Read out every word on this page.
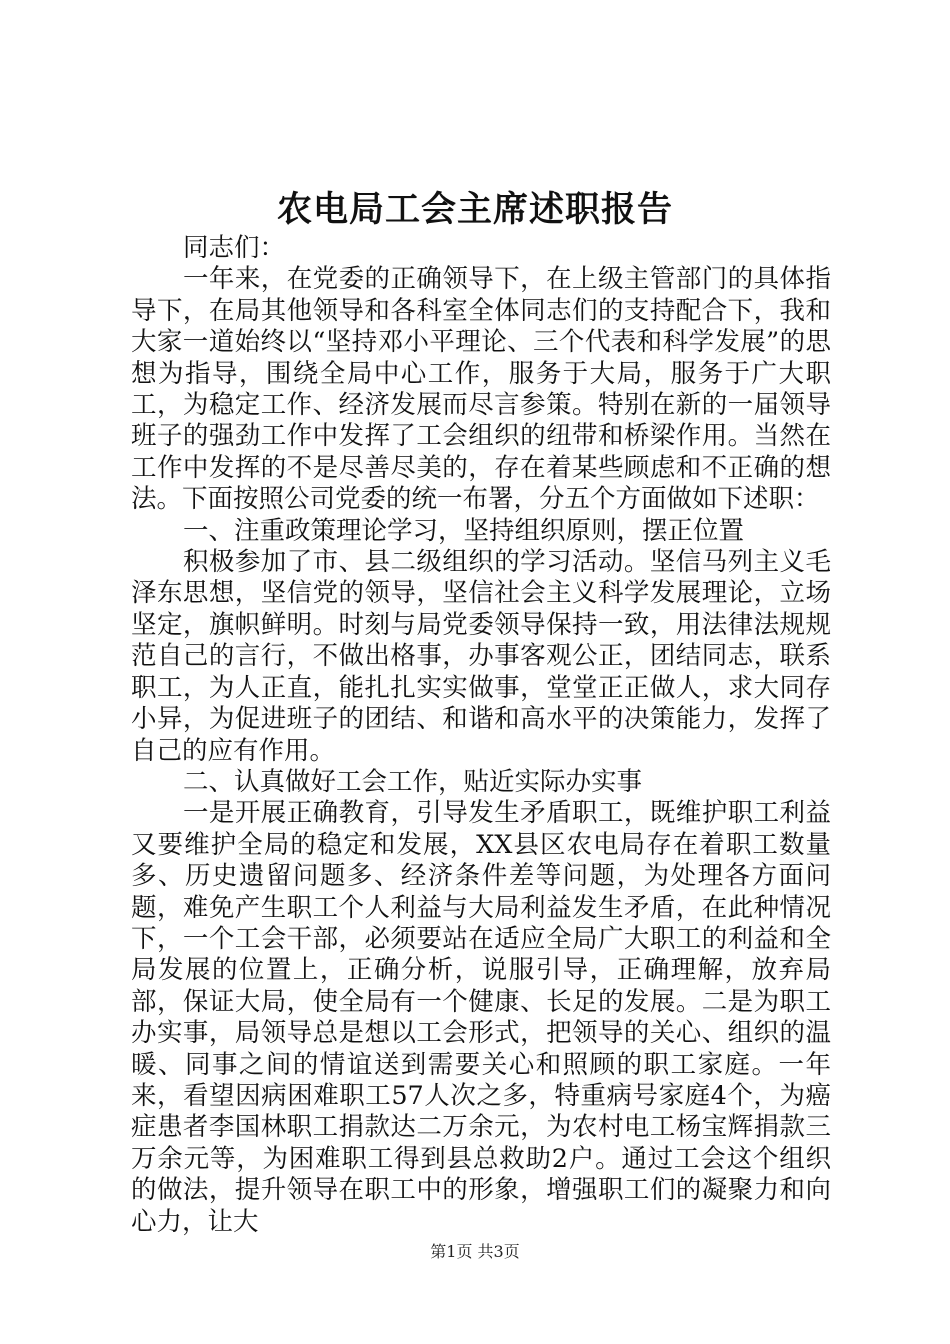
农电局工会主席述职报告

同志们：

一年来，在党委的正确领导下，在上级主管部门的具体指导下，在局其他领导和各科室全体同志们的支持配合下，我和大家一道始终以“坚持邓小平理论、三个代表和科学发展”的思想为指导，围绕全局中心工作，服务于大局，服务于广大职工，为稳定工作、经济发展而尽言参策。特别在新的一届领导班子的强劲工作中发挥了工会组织的纽带和桥梁作用。当然在工作中发挥的不是尽善尽美的，存在着某些顾虑和不正确的想法。下面按照公司党委的统一布署，分五个方面做如下述职：

一、注重政策理论学习，坚持组织原则，摆正位置

积极参加了市、县二级组织的学习活动。坚信马列主义毛泽东思想，坚信党的领导，坚信社会主义科学发展理论，立场坚定，旗帜鲜明。时刻与局党委领导保持一致，用法律法规规范自己的言行，不做出格事，办事客观公正，团结同志，联系职工，为人正直，能扎扎实实做事，堂堂正正做人，求大同存小异，为促进班子的团结、和谐和高水平的决策能力，发挥了自己的应有作用。

二、认真做好工会工作，贴近实际办实事

一是开展正确教育，引导发生矛盾职工，既维护职工利益又要维护全局的稳定和发展，XX县区农电局存在着职工数量多、历史遗留问题多、经济条件差等问题，为处理各方面问题，难免产生职工个人利益与大局利益发生矛盾，在此种情况下，一个工会干部，必须要站在适应全局广大职工的利益和全局发展的位置上，正确分析，说服引导，正确理解，放弃局部，保证大局，使全局有一个健康、长足的发展。二是为职工办实事，局领导总是想以工会形式，把领导的关心、组织的温暖、同事之间的情谊送到需要关心和照顾的职工家庭。一年来，看望因病困难职工57人次之多，特重病号家庭4个，为癌症患者李国林职工捐款达二万余元，为农村电工杨宝辉捐款三万余元等，为困难职工得到县总救助2户。通过工会这个组织的做法，提升领导在职工中的形象，增强职工们的凝聚力和向心力，让大

第1页 共3页
